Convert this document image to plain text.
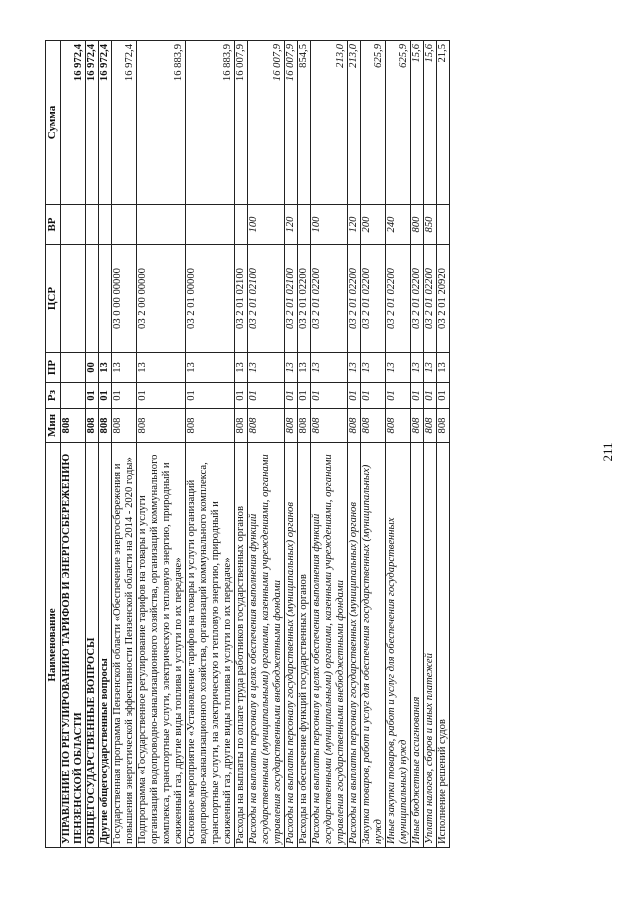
211
Наименование	Мин	Рз	ПР	ЦСР	ВР	Сумма
УПРАВЛЕНИЕ ПО РЕГУЛИРОВАНИЮ ТАРИФОВ И ЭНЕРГОСБЕРЕЖЕНИЮ ПЕНЗЕНСКОЙ ОБЛАСТИ	808					16 972,4
ОБЩЕГОСУДАРСТВЕННЫЕ ВОПРОСЫ	808	01	00			16 972,4
Другие общегосударственные вопросы	808	01	13			16 972,4
Государственная программа Пензенской области «Обеспечение энергосбережения и повышения энергетической эффективности Пензенской области на 2014 - 2020 годы»	808	01	13	03 0 00 00000		16 972,4
Подпрограмма «Государственное регулирование тарифов на товары и услуги организаций водопроводно-канализационного хозяйства, организаций коммунального комплекса, транспортные услуги, электрическую и тепловую энергию, природный и сжиженный газ, другие виды топлива и услуги по их передаче»	808	01	13	03 2 00 00000		16 883,9
Основное мероприятие «Установление тарифов на товары и услуги организаций водопроводно-канализационного хозяйства, организаций коммунального комплекса, транспортные услуги, на электрическую и тепловую энергию, природный и сжиженный газ, другие виды топлива и услуги по их передаче»	808	01	13	03 2 01 00000		16 883,9
Расходы на выплаты по оплате труда работников государственных органов	808	01	13	03 2 01 02100		16 007,9
Расходы на выплаты персоналу в целях обеспечения выполнения функций государственными (муниципальными) органами, казенными учреждениями, органами управления государственными внебюджетными фондами	808	01	13	03 2 01 02100	100	16 007,9
Расходы на выплаты персоналу государственных (муниципальных) органов	808	01	13	03 2 01 02100	120	16 007,9
Расходы на обеспечение функций государственных органов	808	01	13	03 2 01 02200		854,5
Расходы на выплаты персоналу в целях обеспечения выполнения функций государственными (муниципальными) органами, казенными учреждениями, органами управления государственными внебюджетными фондами	808	01	13	03 2 01 02200	100	213,0
Расходы на выплаты персоналу государственных (муниципальных) органов	808	01	13	03 2 01 02200	120	213,0
Закупка товаров, работ и услуг для обеспечения государственных (муниципальных) нужд	808	01	13	03 2 01 02200	200	625,9
Иные закупки товаров, работ и услуг для обеспечения государственных (муниципальных) нужд	808	01	13	03 2 01 02200	240	625,9
Иные бюджетные ассигнования	808	01	13	03 2 01 02200	800	15,6
Уплата налогов, сборов и иных платежей	808	01	13	03 2 01 02200	850	15,6
Исполнение решений судов	808	01	13	03 2 01 20920		21,5
